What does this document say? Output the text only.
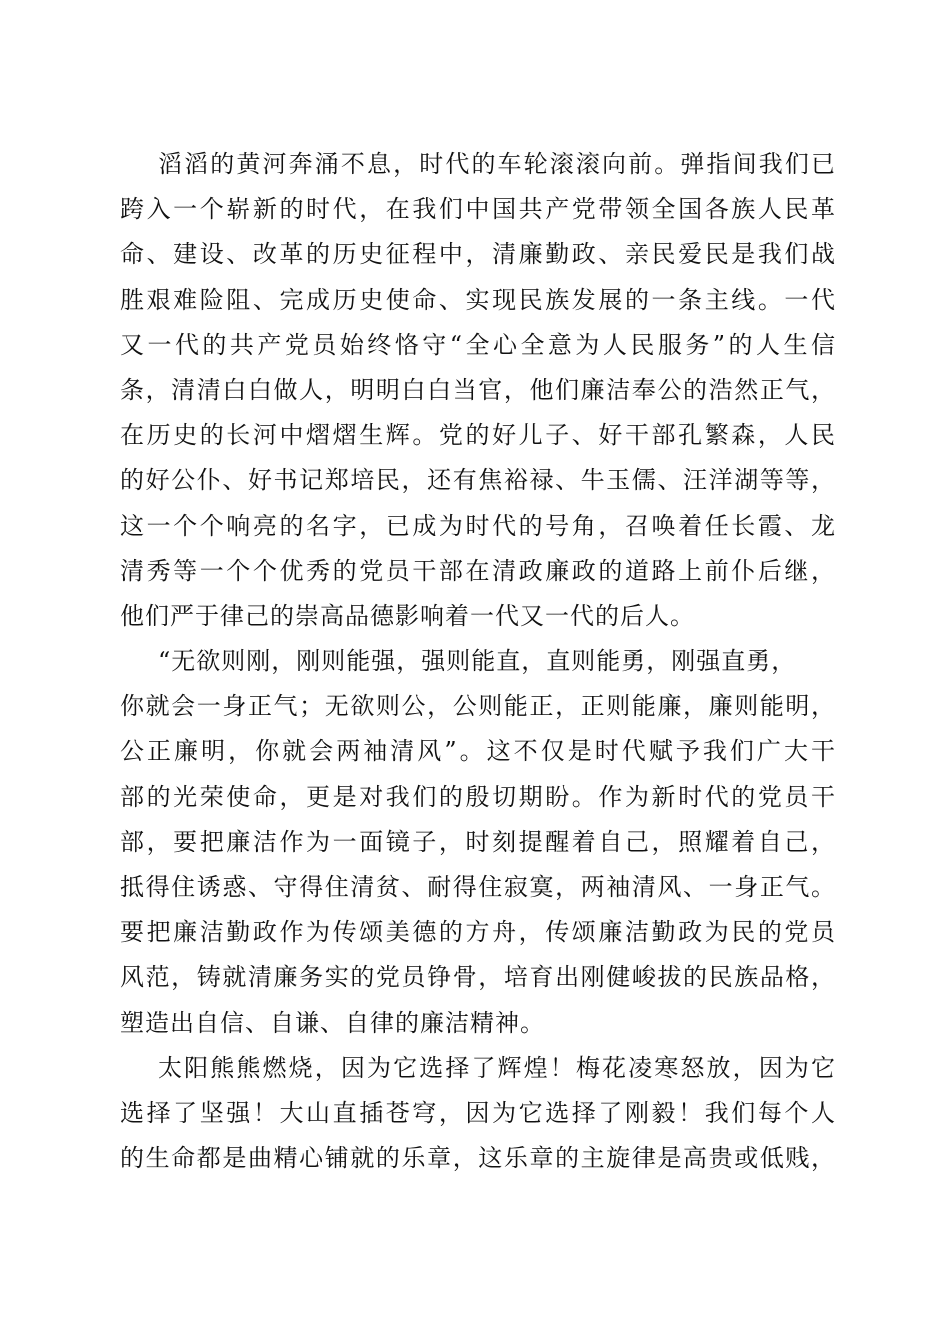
滔滔的黄河奔涌不息，时代的车轮滚滚向前。弹指间我们已
跨入一个崭新的时代，在我们中国共产党带领全国各族人民革
命、建设、改革的历史征程中，清廉勤政、亲民爱民是我们战
胜艰难险阻、完成历史使命、实现民族发展的一条主线。一代
又一代的共产党员始终恪守“全心全意为人民服务”的人生信
条，清清白白做人，明明白白当官，他们廉洁奉公的浩然正气，
在历史的长河中熠熠生辉。党的好儿子、好干部孔繁森，人民
的好公仆、好书记郑培民，还有焦裕禄、牛玉儒、汪洋湖等等，
这一个个响亮的名字，已成为时代的号角，召唤着任长霞、龙
清秀等一个个优秀的党员干部在清政廉政的道路上前仆后继，
他们严于律己的崇高品德影响着一代又一代的后人。
“无欲则刚，刚则能强，强则能直，直则能勇，刚强直勇，
你就会一身正气；无欲则公，公则能正，正则能廉，廉则能明，
公正廉明，你就会两袖清风”。这不仅是时代赋予我们广大干
部的光荣使命，更是对我们的殷切期盼。作为新时代的党员干
部，要把廉洁作为一面镜子，时刻提醒着自己，照耀着自己，
抵得住诱惑、守得住清贫、耐得住寂寞，两袖清风、一身正气。
要把廉洁勤政作为传颂美德的方舟，传颂廉洁勤政为民的党员
风范，铸就清廉务实的党员铮骨，培育出刚健峻拔的民族品格，
塑造出自信、自谦、自律的廉洁精神。
太阳熊熊燃烧，因为它选择了辉煌！梅花凌寒怒放，因为它
选择了坚强！大山直插苍穹，因为它选择了刚毅！我们每个人
的生命都是曲精心铺就的乐章，这乐章的主旋律是高贵或低贱，
